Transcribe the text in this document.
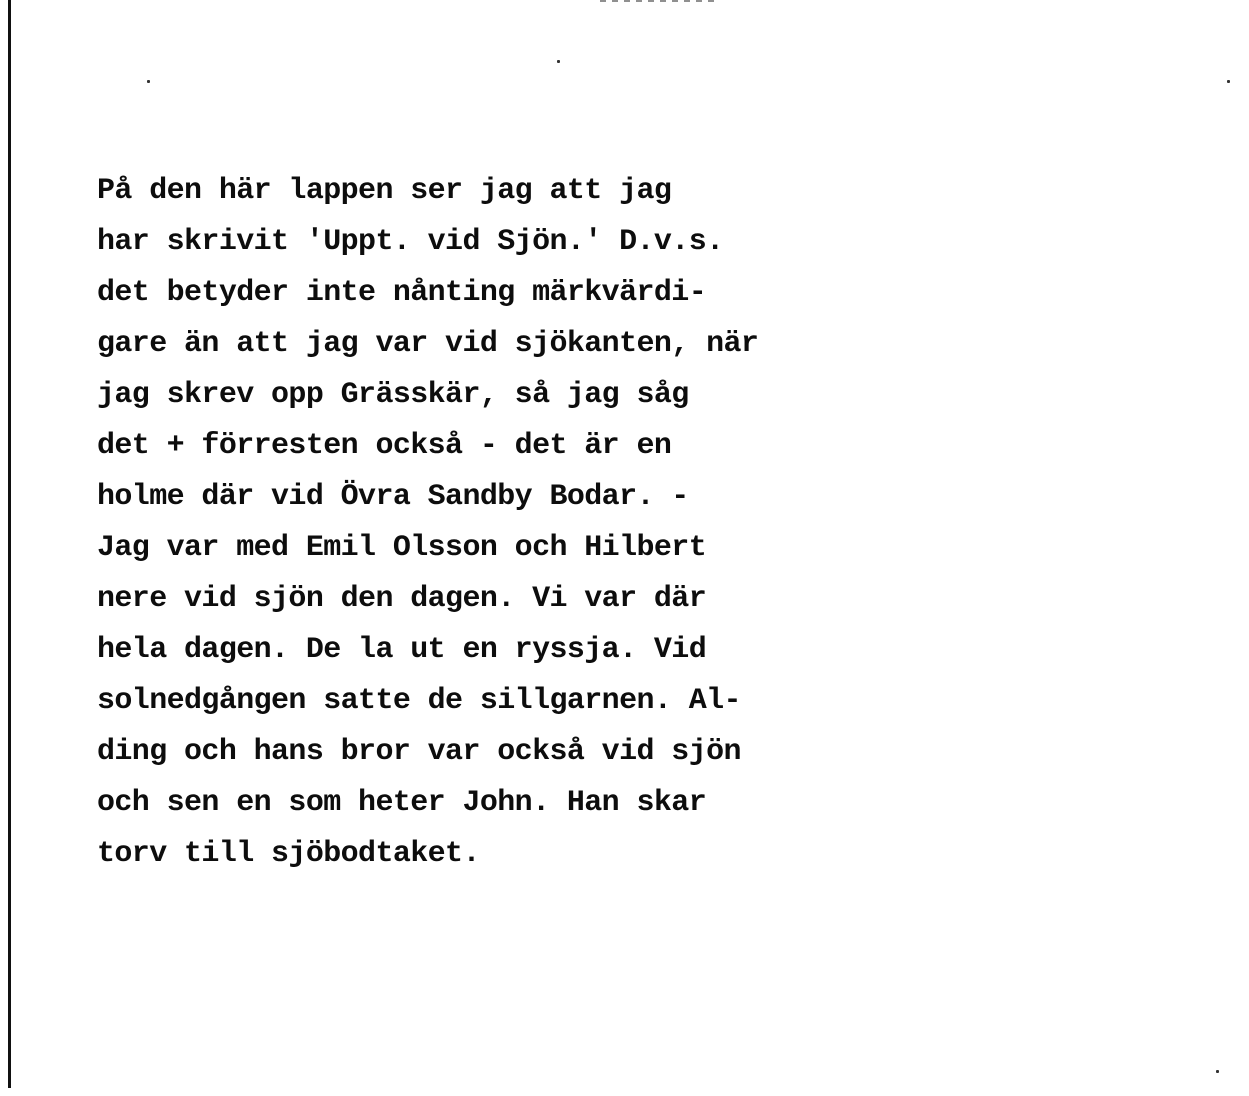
På den här lappen ser jag att jag
har skrivit 'Uppt. vid Sjön.' D.v.s.
det betyder inte nånting märkvärdi-
gare än att jag var vid sjökanten, när
jag skrev opp Grässkär, så jag såg
det + förresten också - det är en
holme där vid Övra Sandby Bodar. -
Jag var med Emil Olsson och Hilbert
nere vid sjön den dagen. Vi var där
hela dagen. De la ut en ryssja. Vid
solnedgången satte de sillgarnen. Al-
ding och hans bror var också vid sjön
och sen en som heter John. Han skar
torv till sjöbodtaket.
